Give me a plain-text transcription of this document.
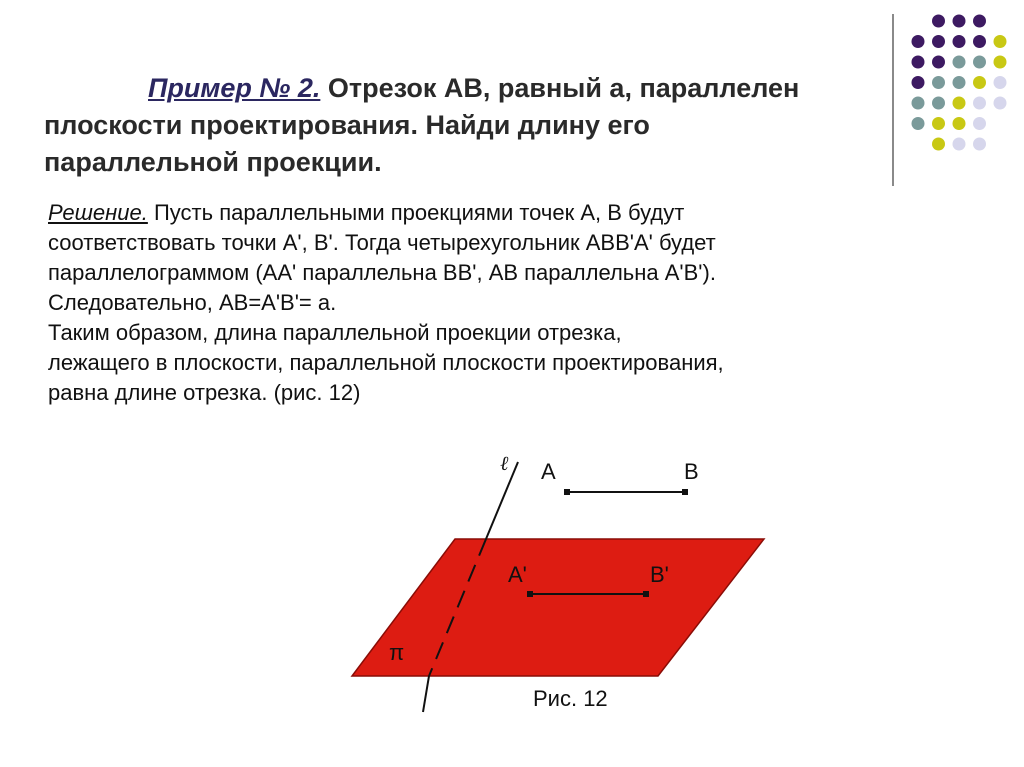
Пример № 2. Отрезок АВ, равный а, параллелен
плоскости проектирования. Найди длину его
параллельной проекции.
Решение. Пусть параллельными проекциями точек А, В будут
соответствовать точки А', В'. Тогда четырехугольник АВВ'А' будет
параллелограммом (АА' параллельна ВВ', АВ параллельна А'В').
Следовательно, АВ=А'В'= а.
Таким образом, длина параллельной проекции отрезка,
лежащего в плоскости, параллельной плоскости проектирования,
равна длине отрезка. (рис. 12)
ℓ A	B
A'	B'
π
Рис. 12
